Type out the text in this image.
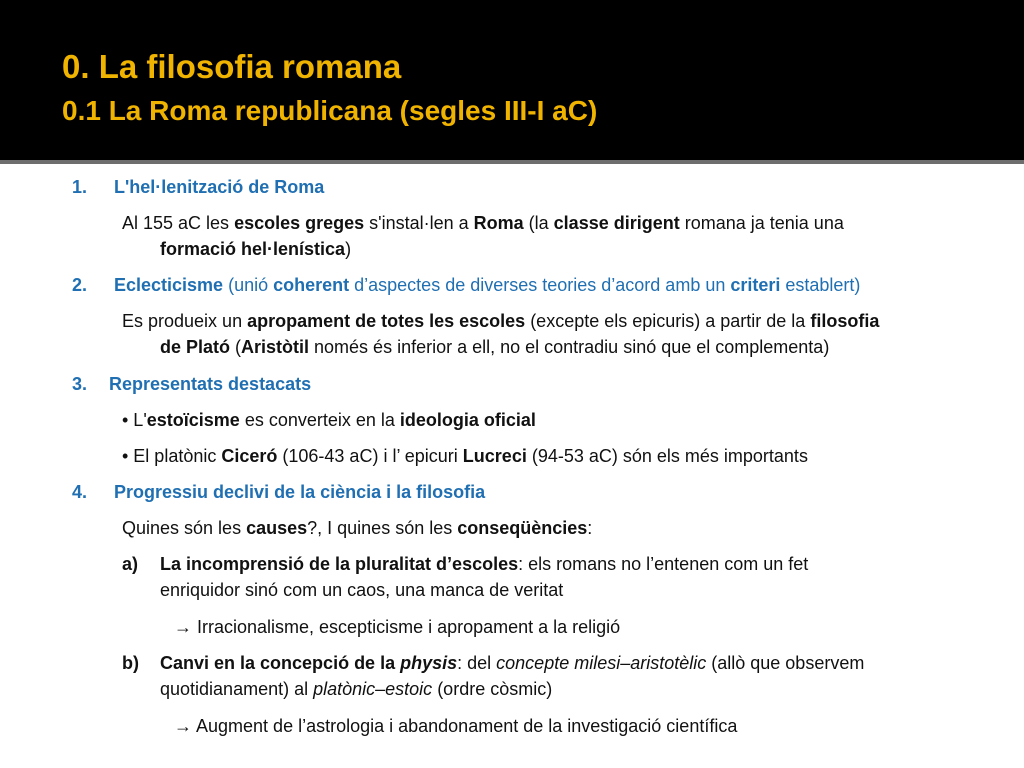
0. La filosofia romana
0.1 La Roma republicana (segles III-I aC)
1. L'hel·lenització de Roma
Al 155 aC les escoles greges s'instal·len a Roma (la classe dirigent romana ja tenia una
formació hel·lenística)
2. Eclecticisme (unió coherent d’aspectes de diverses teories d’acord amb un criteri establert)
Es produeix un apropament de totes les escoles (excepte els epicuris) a partir de la filosofia
de Plató (Aristòtil només és inferior a ell, no el contradiu sinó que el complementa)
3. Representats destacats
• L'estoïcisme es converteix en la ideologia oficial
• El platònic Ciceró (106-43 aC) i l’ epicuri Lucreci (94-53 aC) són els més importants
4. Progressiu declivi de la ciència i la filosofia
Quines són les causes?, I quines són les conseqüències:
a) La incomprensió de la pluralitat d’escoles: els romans no l’entenen com un fet
enriquidor sinó com un caos, una manca de veritat
→ Irracionalisme, escepticisme i apropament a la religió
b) Canvi en la concepció de la physis: del concepte milesi–aristotèlic (allò que observem
quotidianament) al platònic–estoic (ordre còsmic)
→ Augment de l’astrologia i abandonament de la investigació científica
